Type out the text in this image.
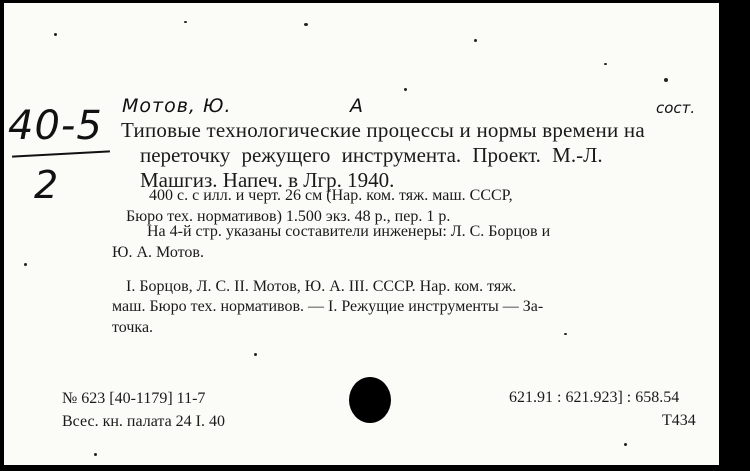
40-5
2
Мотов, Ю.	А	сост.
Типовые технологические процессы и нормы времени на
переточку режущего инструмента. Проект. М.-Л.
Машгиз. Напеч. в Лгр. 1940.
400 с. с илл. и черт. 26 см (Нар. ком. тяж. маш. СССР,
Бюро тех. нормативов) 1.500 экз. 48 р., пер. 1 р.
На 4-й стр. указаны составители инженеры: Л. С. Борцов и
Ю. А. Мотов.
I. Борцов, Л. С. II. Мотов, Ю. А. III. СССР. Нар. ком. тяж.
маш. Бюро тех. нормативов. — I. Режущие инструменты — За-
точка.
№ 623 [40-1179] 11-7
Всес. кн. палата 24 I. 40
621.91 : 621.923] : 658.54
Т434
